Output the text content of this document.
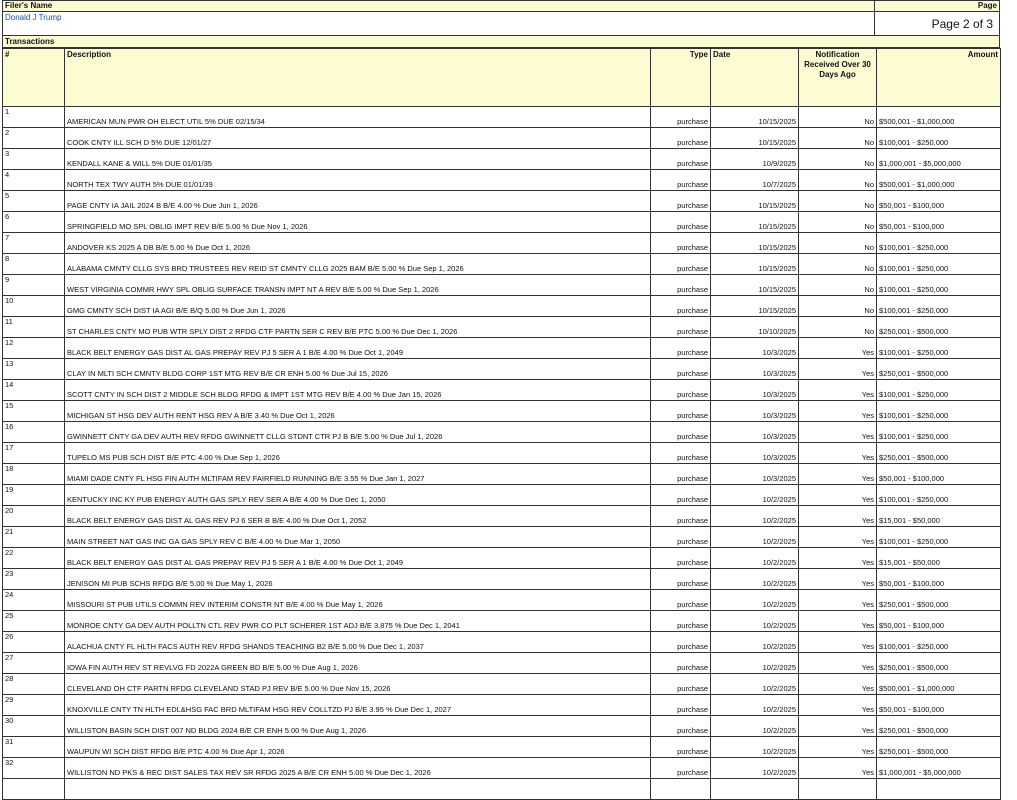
Filer's Name
Donald J Trump
Page
Page 2 of 3
Transactions
#	Description	Type	Date	Notification Received Over 30 Days Ago	Amount
1	AMERICAN MUN PWR OH ELECT UTIL 5% DUE 02/15/34	purchase	10/15/2025	No	$500,001 - $1,000,000
2	COOK CNTY ILL SCH D 5% DUE 12/01/27	purchase	10/15/2025	No	$100,001 - $250,000
3	KENDALL KANE & WILL 5% DUE 01/01/35	purchase	10/9/2025	No	$1,000,001 - $5,000,000
4	NORTH TEX TWY AUTH 5% DUE 01/01/39	purchase	10/7/2025	No	$500,001 - $1,000,000
5	PAGE CNTY IA JAIL 2024 B B/E 4.00 % Due Jun 1, 2026	purchase	10/15/2025	No	$50,001 - $100,000
6	SPRINGFIELD MO SPL OBLIG IMPT REV B/E 5.00 % Due Nov 1, 2026	purchase	10/15/2025	No	$50,001 - $100,000
7	ANDOVER KS 2025 A DB B/E 5.00 % Due Oct 1, 2026	purchase	10/15/2025	No	$100,001 - $250,000
8	ALABAMA CMNTY CLLG SYS BRD TRUSTEES REV REID ST CMNTY CLLG 2025 BAM B/E 5.00 % Due Sep 1, 2026	purchase	10/15/2025	No	$100,001 - $250,000
9	WEST VIRGINIA COMMR HWY SPL OBLIG SURFACE TRANSN IMPT NT A REV B/E 5.00 % Due Sep 1, 2026	purchase	10/15/2025	No	$100,001 - $250,000
10	GMG CMNTY SCH DIST IA AGI B/E B/Q 5.00 % Due Jun 1, 2026	purchase	10/15/2025	No	$100,001 - $250,000
11	ST CHARLES CNTY MO PUB WTR SPLY DIST 2 RFDG CTF PARTN SER C REV B/E PTC 5.00 % Due Dec 1, 2026	purchase	10/10/2025	No	$250,001 - $500,000
12	BLACK BELT ENERGY GAS DIST AL GAS PREPAY REV PJ 5 SER A 1 B/E 4.00 % Due Oct 1, 2049	purchase	10/3/2025	Yes	$100,001 - $250,000
13	CLAY IN MLTI SCH CMNTY BLDG CORP 1ST MTG REV B/E CR ENH 5.00 % Due Jul 15, 2026	purchase	10/3/2025	Yes	$250,001 - $500,000
14	SCOTT CNTY IN SCH DIST 2 MIDDLE SCH BLDG RFDG & IMPT 1ST MTG REV B/E 4.00 % Due Jan 15, 2026	purchase	10/3/2025	Yes	$100,001 - $250,000
15	MICHIGAN ST HSG DEV AUTH RENT HSG REV A B/E 3.40 % Due Oct 1, 2026	purchase	10/3/2025	Yes	$100,001 - $250,000
16	GWINNETT CNTY GA DEV AUTH REV RFDG GWINNETT CLLG STDNT CTR PJ B B/E 5.00 % Due Jul 1, 2026	purchase	10/3/2025	Yes	$100,001 - $250,000
17	TUPELO MS PUB SCH DIST B/E PTC 4.00 % Due Sep 1, 2026	purchase	10/3/2025	Yes	$250,001 - $500,000
18	MIAMI DADE CNTY FL HSG FIN AUTH MLTIFAM REV FAIRFIELD RUNNING B/E 3.55 % Due Jan 1, 2027	purchase	10/3/2025	Yes	$50,001 - $100,000
19	KENTUCKY INC KY PUB ENERGY AUTH GAS SPLY REV SER A B/E 4.00 % Due Dec 1, 2050	purchase	10/2/2025	Yes	$100,001 - $250,000
20	BLACK BELT ENERGY GAS DIST AL GAS REV PJ 6 SER B B/E 4.00 % Due Oct 1, 2052	purchase	10/2/2025	Yes	$15,001 - $50,000
21	MAIN STREET NAT GAS INC GA GAS SPLY REV C B/E 4.00 % Due Mar 1, 2050	purchase	10/2/2025	Yes	$100,001 - $250,000
22	BLACK BELT ENERGY GAS DIST AL GAS PREPAY REV PJ 5 SER A 1 B/E 4.00 % Due Oct 1, 2049	purchase	10/2/2025	Yes	$15,001 - $50,000
23	JENISON MI PUB SCHS RFDG B/E 5.00 % Due May 1, 2026	purchase	10/2/2025	Yes	$50,001 - $100,000
24	MISSOURI ST PUB UTILS COMMN REV INTERIM CONSTR NT B/E 4.00 % Due May 1, 2026	purchase	10/2/2025	Yes	$250,001 - $500,000
25	MONROE CNTY GA DEV AUTH POLLTN CTL REV PWR CO PLT SCHERER 1ST ADJ B/E 3.875 % Due Dec 1, 2041	purchase	10/2/2025	Yes	$50,001 - $100,000
26	ALACHUA CNTY FL HLTH FACS AUTH REV RFDG SHANDS TEACHING B2 B/E 5.00 % Due Dec 1, 2037	purchase	10/2/2025	Yes	$100,001 - $250,000
27	IOWA FIN AUTH REV ST REVLVG FD 2022A GREEN BD B/E 5.00 % Due Aug 1, 2026	purchase	10/2/2025	Yes	$250,001 - $500,000
28	CLEVELAND OH CTF PARTN RFDG CLEVELAND STAD PJ REV B/E 5.00 % Due Nov 15, 2026	purchase	10/2/2025	Yes	$500,001 - $1,000,000
29	KNOXVILLE CNTY TN HLTH EDL&HSG FAC BRD MLTIFAM HSG REV COLLTZD PJ B/E 3.95 % Due Dec 1, 2027	purchase	10/2/2025	Yes	$50,001 - $100,000
30	WILLISTON BASIN SCH DIST 007 ND BLDG 2024 B/E CR ENH 5.00 % Due Aug 1, 2026	purchase	10/2/2025	Yes	$250,001 - $500,000
31	WAUPUN WI SCH DIST RFDG B/E PTC 4.00 % Due Apr 1, 2026	purchase	10/2/2025	Yes	$250,001 - $500,000
32	WILLISTON ND PKS & REC DIST SALES TAX REV SR RFDG 2025 A B/E CR ENH 5.00 % Due Dec 1, 2026	purchase	10/2/2025	Yes	$1,000,001 - $5,000,000
